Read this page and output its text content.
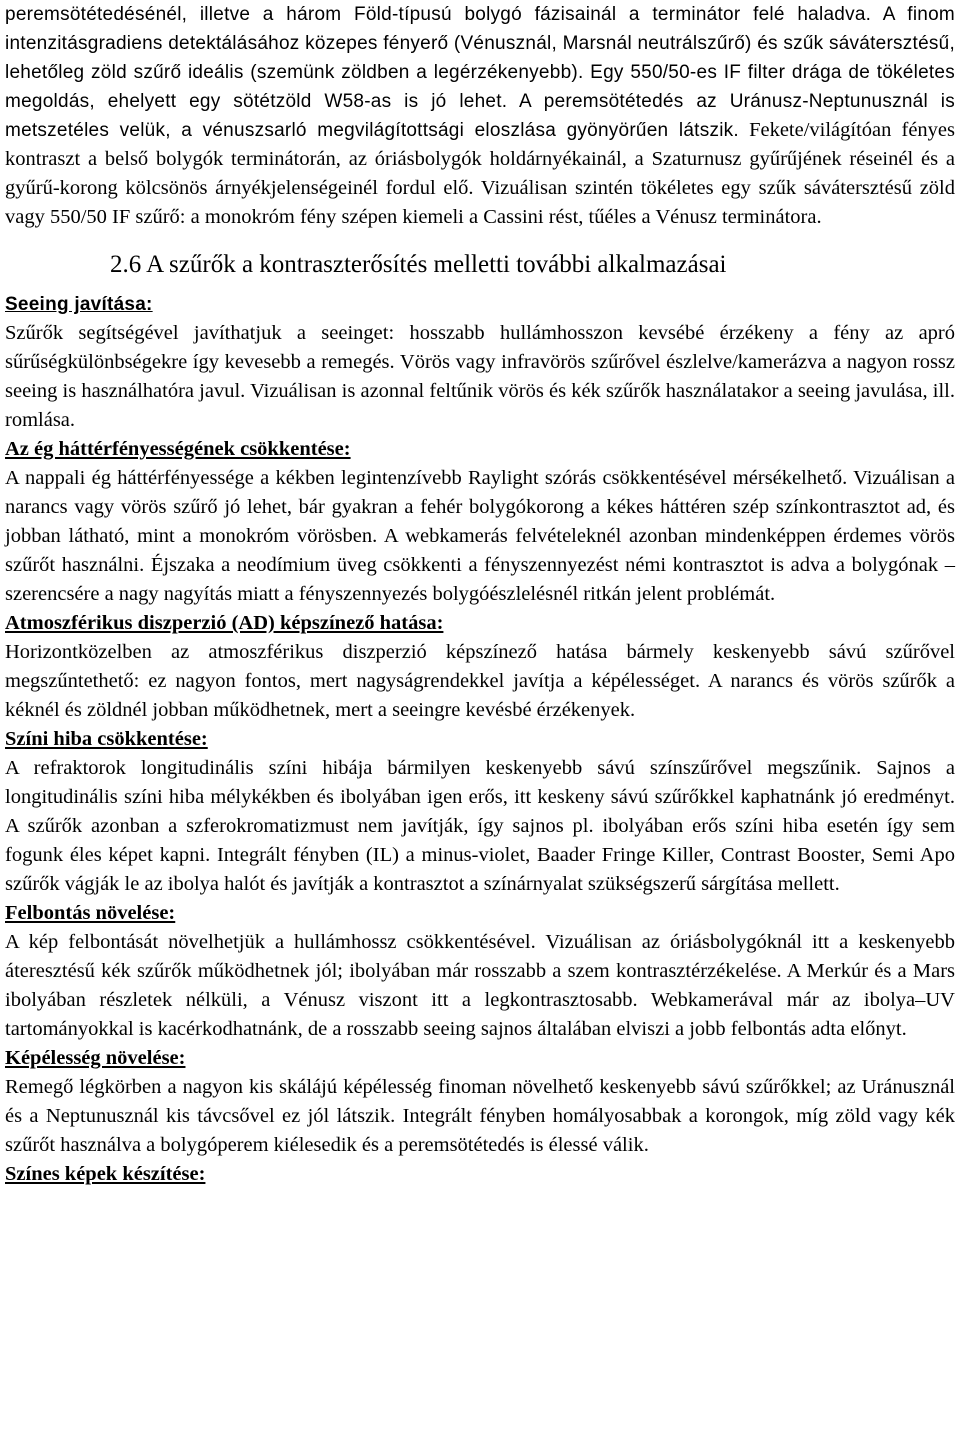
peremsötétedésénél, illetve a három Föld-típusú bolygó fázisainál a terminátor felé haladva. A finom intenzitásgradiens detektálásához közepes fényerő (Vénusznál, Marsnál neutrálszűrő) és szűk sávátersztésű, lehetőleg zöld szűrő ideális (szemünk zöldben a legérzékenyebb). Egy 550/50-es IF filter drága de tökéletes megoldás, ehelyett egy sötétzöld W58-as is jó lehet. A peremsötétedés az Uránusz-Neptunusznál is metszetéles velük, a vénuszsarló megvilágítottsági eloszlása gyönyörűen látszik. Fekete/világítóan fényes kontraszt a belső bolygók terminátorán, az óriásbolygók holdárnyékainál, a Szaturnusz gyűrűjének réseinél és a gyűrű-korong kölcsönös árnyékjelenségeinél fordul elő. Vizuálisan szintén tökéletes egy szűk sávátersztésű zöld vagy 550/50 IF szűrő: a monokróm fény szépen kiemeli a Cassini rést, tűéles a Vénusz terminátora.

2.6 A szűrők a kontraszterősítés melletti további alkalmazásai
Seeing javítása:

Szűrők segítségével javíthatjuk a seeinget: hosszabb hullámhosszon kevsébé érzékeny a fény az apró sűrűségkülönbségekre így kevesebb a remegés. Vörös vagy infravörös szűrővel észlelve/kamerázva a nagyon rossz seeing is használhatóra javul. Vizuálisan is azonnal feltűnik vörös és kék szűrők használatakor a seeing javulása, ill. romlása.

Az ég háttérfényességének csökkentése:

A nappali ég háttérfényessége a kékben legintenzívebb Raylight szórás csökkentésével mérsékelhető. Vizuálisan a narancs vagy vörös szűrő jó lehet, bár gyakran a fehér bolygókorong a kékes háttéren szép színkontrasztot ad, és jobban látható, mint a monokróm vörösben. A webkamerás felvételeknél azonban mindenképpen érdemes vörös szűrőt használni. Éjszaka a neodímium üveg csökkenti a fényszennyezést némi kontrasztot is adva a bolygónak – szerencsére a nagy nagyítás miatt a fényszennyezés bolygóészlelésnél ritkán jelent problémát.

Atmoszférikus diszperzió (AD) képszínező hatása:

Horizontközelben az atmoszférikus diszperzió képszínező hatása bármely keskenyebb sávú szűrővel megszűntethető: ez nagyon fontos, mert nagyságrendekkel javítja a képélességet. A narancs és vörös szűrők a kéknél és zöldnél jobban működhetnek, mert a seeingre kevésbé érzékenyek.

Színi hiba csökkentése:

A refraktorok longitudinális színi hibája bármilyen keskenyebb sávú színszűrővel megszűnik. Sajnos a longitudinális színi hiba mélykékben és ibolyában igen erős, itt keskeny sávú szűrőkkel kaphatnánk jó eredményt. A szűrők azonban a szferokromatizmust nem javítják, így sajnos pl. ibolyában erős színi hiba esetén így sem fogunk éles képet kapni. Integrált fényben (IL) a minus-violet, Baader Fringe Killer, Contrast Booster, Semi Apo szűrők vágják le az ibolya halót és javítják a kontrasztot a színárnyalat szükségszerű sárgítása mellett.

Felbontás növelése:

A kép felbontását növelhetjük a hullámhossz csökkentésével. Vizuálisan az óriásbolygóknál itt a keskenyebb áteresztésű kék szűrők működhetnek jól; ibolyában már rosszabb a szem kontrasztérzékelése. A Merkúr és a Mars ibolyában részletek nélküli, a Vénusz viszont itt a legkontrasztosabb. Webkamerával már az ibolya–UV tartományokkal is kacérkodhatnánk, de a rosszabb seeing sajnos általában elviszi a jobb felbontás adta előnyt.

Képélesség növelése:

Remegő légkörben a nagyon kis skálájú képélesség finoman növelhető keskenyebb sávú szűrőkkel; az Uránusznál és a Neptunusznál kis távcsővel ez jól látszik. Integrált fényben homályosabbak a korongok, míg zöld vagy kék szűrőt használva a bolygóperem kiélesedik és a peremsötétedés is élessé válik.

Színes képek készítése:
